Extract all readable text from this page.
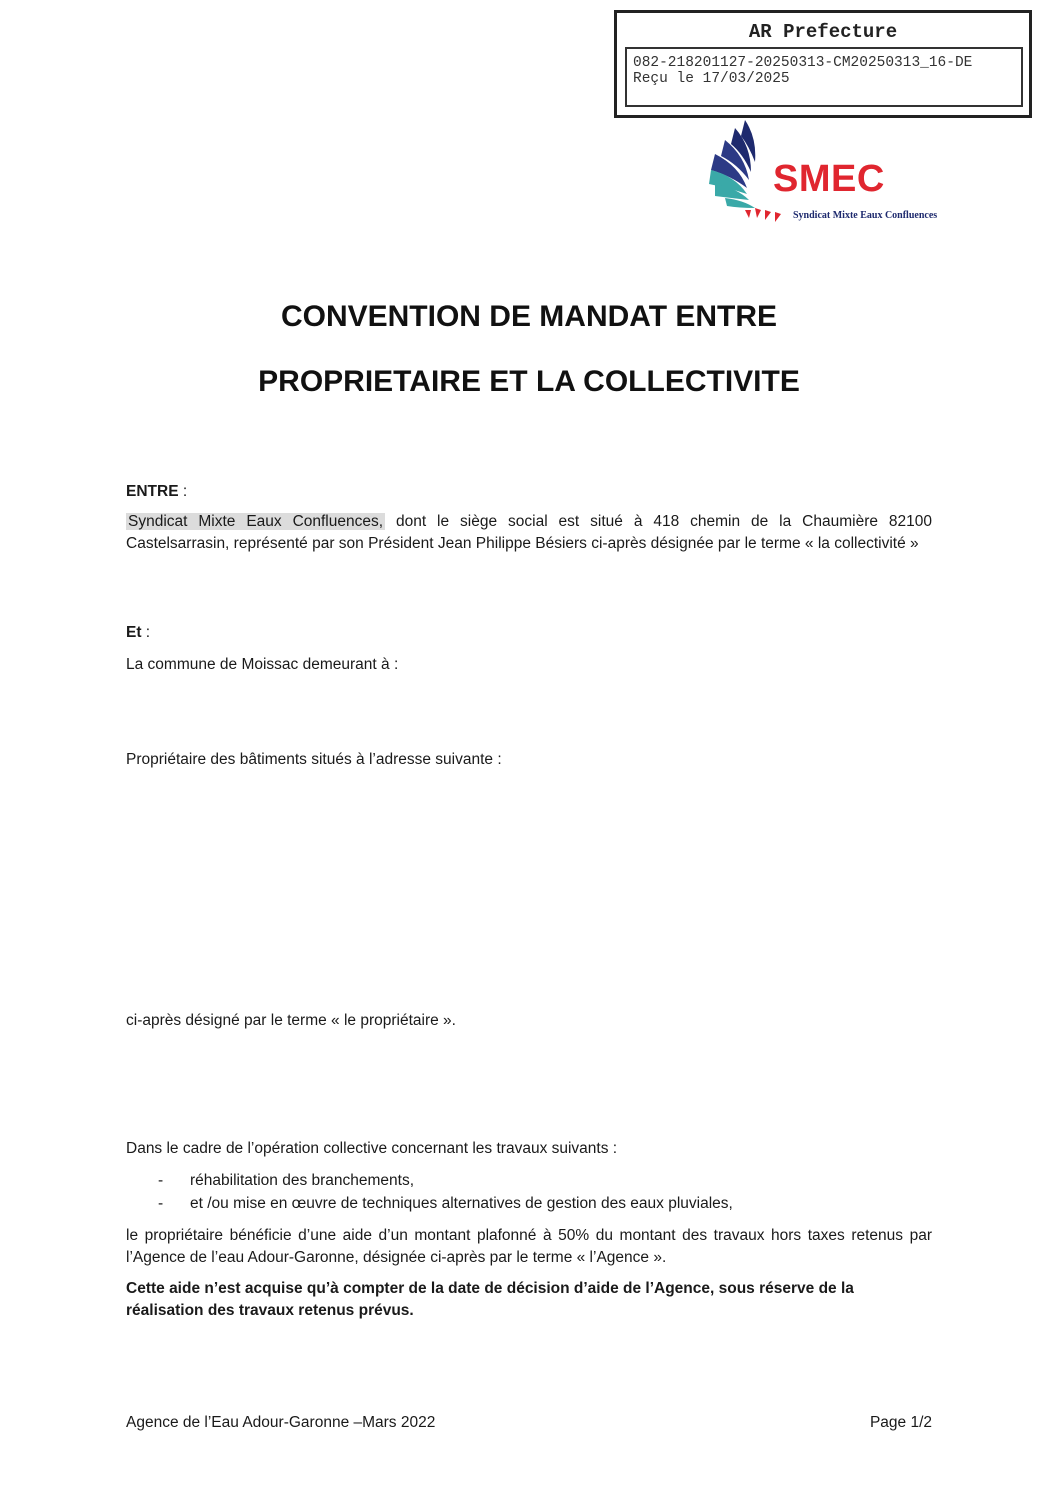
AR Prefecture
082-218201127-20250313-CM20250313_16-DE
Reçu le 17/03/2025
SMEC
Syndicat Mixte Eaux Confluences
CONVENTION DE MANDAT ENTRE
PROPRIETAIRE ET LA COLLECTIVITE
ENTRE :
Syndicat Mixte Eaux Confluences, dont le siège social est situé à 418 chemin de la Chaumière 82100 Castelsarrasin, représenté par son Président Jean Philippe Bésiers ci-après désignée par le terme « la collectivité »
Et :
La commune de Moissac demeurant à :
Propriétaire des bâtiments situés à l’adresse suivante :
ci-après désigné par le terme « le propriétaire ».
Dans le cadre de l’opération collective concernant les travaux suivants :
- réhabilitation des branchements,
- et /ou mise en œuvre de techniques alternatives de gestion des eaux pluviales,
le propriétaire bénéficie d’une aide d’un montant plafonné à 50% du montant des travaux hors taxes retenus par l’Agence de l’eau Adour-Garonne, désignée ci-après par le terme « l’Agence ».
Cette aide n’est acquise qu’à compter de la date de décision d’aide de l’Agence, sous réserve de la réalisation des travaux retenus prévus.
Agence de l’Eau Adour-Garonne –Mars 2022	Page 1/2
